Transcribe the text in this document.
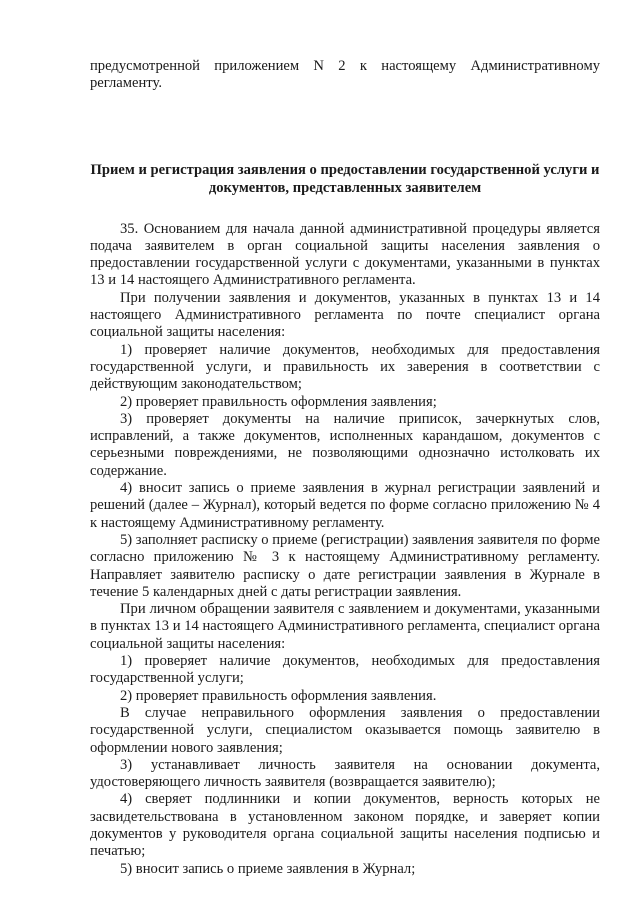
предусмотренной приложением N 2 к настоящему Административному регламенту.

Прием и регистрация заявления о предоставлении государственной услуги и документов, представленных заявителем

35. Основанием для начала данной административной процедуры является подача заявителем в орган социальной защиты населения заявления о предоставлении государственной услуги с документами, указанными в пунктах 13 и 14 настоящего Административного регламента.

При получении заявления и документов, указанных в пунктах 13 и 14 настоящего Административного регламента по почте специалист органа социальной защиты населения:

1) проверяет наличие документов, необходимых для предоставления государственной услуги, и правильность их заверения в соответствии с действующим законодательством;

2) проверяет правильность оформления заявления;

3) проверяет документы на наличие приписок, зачеркнутых слов, исправлений, а также документов, исполненных карандашом, документов с серьезными повреждениями, не позволяющими однозначно истолковать их содержание.

4) вносит запись о приеме заявления в журнал регистрации заявлений и решений (далее – Журнал), который ведется по форме согласно приложению № 4 к настоящему Административному регламенту.

5) заполняет расписку о приеме (регистрации) заявления заявителя по форме согласно приложению № 3 к настоящему Административному регламенту. Направляет заявителю расписку о дате регистрации заявления в Журнале в течение 5 календарных дней с даты регистрации заявления.

При личном обращении заявителя с заявлением и документами, указанными в пунктах 13 и 14 настоящего Административного регламента, специалист органа социальной защиты населения:

1) проверяет наличие документов, необходимых для предоставления государственной услуги;

2) проверяет правильность оформления заявления.

В случае неправильного оформления заявления о предоставлении государственной услуги, специалистом оказывается помощь заявителю в оформлении нового заявления;

3) устанавливает личность заявителя на основании документа, удостоверяющего личность заявителя (возвращается заявителю);

4) сверяет подлинники и копии документов, верность которых не засвидетельствована в установленном законом порядке, и заверяет копии документов у руководителя органа социальной защиты населения подписью и печатью;

5) вносит запись о приеме заявления в Журнал;
